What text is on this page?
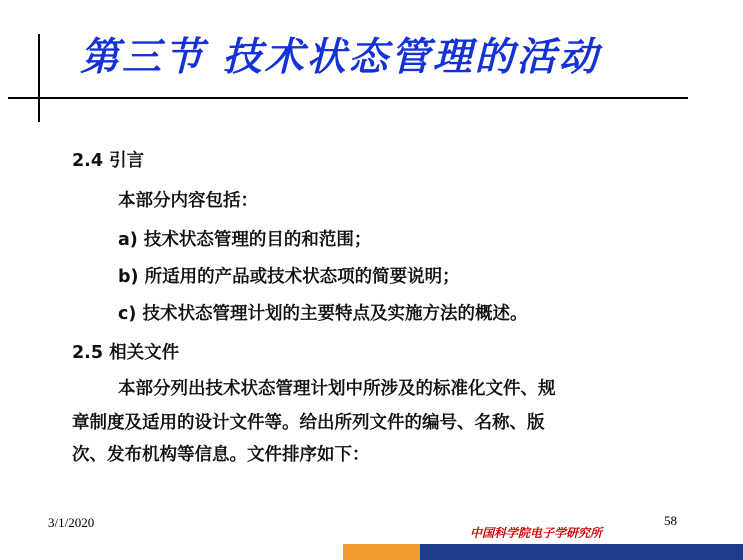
第三节 技术状态管理的活动

2.4 引言

本部分内容包括：

a) 技术状态管理的目的和范围；

b) 所适用的产品或技术状态项的简要说明；

c) 技术状态管理计划的主要特点及实施方法的概述。

2.5 相关文件

本部分列出技术状态管理计划中所涉及的标准化文件、规

章制度及适用的设计文件等。给出所列文件的编号、名称、版

次、发布机构等信息。文件排序如下：

3/1/2020	58
中国科学院电子学研究所
